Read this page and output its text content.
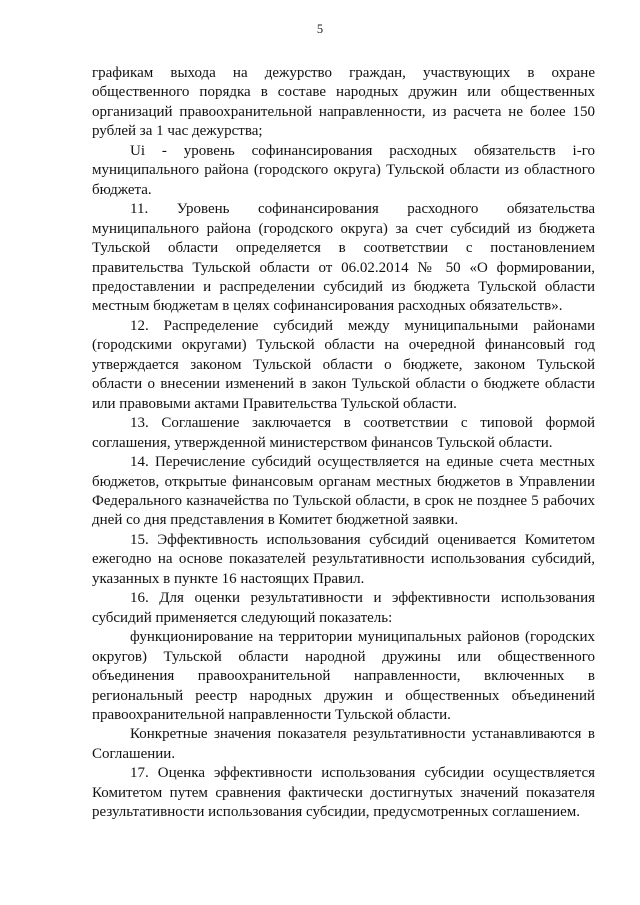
5

графикам выхода на дежурство граждан, участвующих в охране общественного порядка в составе народных дружин или общественных организаций правоохранительной направленности, из расчета не более 150 рублей за 1 час дежурства;

Ui - уровень софинансирования расходных обязательств i-го муниципального района (городского округа) Тульской области из областного бюджета.

11. Уровень софинансирования расходного обязательства муниципального района (городского округа) за счет субсидий из бюджета Тульской области определяется в соответствии с постановлением правительства Тульской области от 06.02.2014 № 50 «О формировании, предоставлении и распределении субсидий из бюджета Тульской области местным бюджетам в целях софинансирования расходных обязательств».

12. Распределение субсидий между муниципальными районами (городскими округами) Тульской области на очередной финансовый год утверждается законом Тульской области о бюджете, законом Тульской области о внесении изменений в закон Тульской области о бюджете области или правовыми актами Правительства Тульской области.

13. Соглашение заключается в соответствии с типовой формой соглашения, утвержденной министерством финансов Тульской области.

14. Перечисление субсидий осуществляется на единые счета местных бюджетов, открытые финансовым органам местных бюджетов в Управлении Федерального казначейства по Тульской области, в срок не позднее 5 рабочих дней со дня представления в Комитет бюджетной заявки.

15. Эффективность использования субсидий оценивается Комитетом ежегодно на основе показателей результативности использования субсидий, указанных в пункте 16 настоящих Правил.

16. Для оценки результативности и эффективности использования субсидий применяется следующий показатель:

функционирование на территории муниципальных районов (городских округов) Тульской области народной дружины или общественного объединения правоохранительной направленности, включенных в региональный реестр народных дружин и общественных объединений правоохранительной направленности Тульской области.

Конкретные значения показателя результативности устанавливаются в Соглашении.

17. Оценка эффективности использования субсидии осуществляется Комитетом путем сравнения фактически достигнутых значений показателя результативности использования субсидии, предусмотренных соглашением.
